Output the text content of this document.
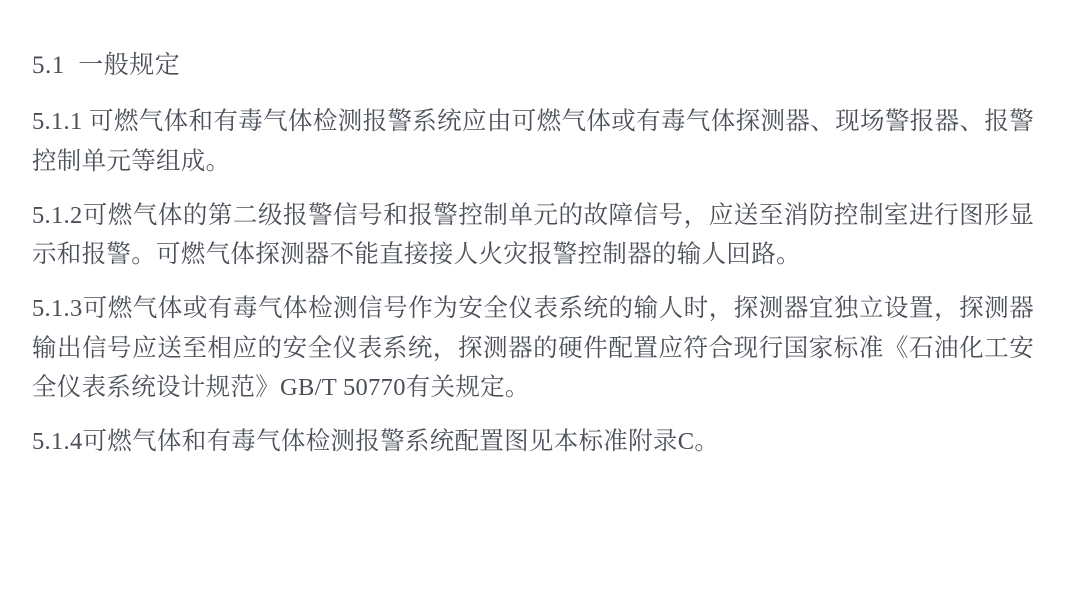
5.1  一般规定

5.1.1 可燃气体和有毒气体检测报警系统应由可燃气体或有毒气体探测器、现场警报器、报警控制单元等组成。

5.1.2可燃气体的第二级报警信号和报警控制单元的故障信号，应送至消防控制室进行图形显示和报警。可燃气体探测器不能直接接人火灾报警控制器的输人回路。

5.1.3可燃气体或有毒气体检测信号作为安全仪表系统的输人时，探测器宜独立设置，探测器输出信号应送至相应的安全仪表系统，探测器的硬件配置应符合现行国家标准《石油化工安全仪表系统设计规范》GB/T 50770有关规定。

5.1.4可燃气体和有毒气体检测报警系统配置图见本标准附录C。
